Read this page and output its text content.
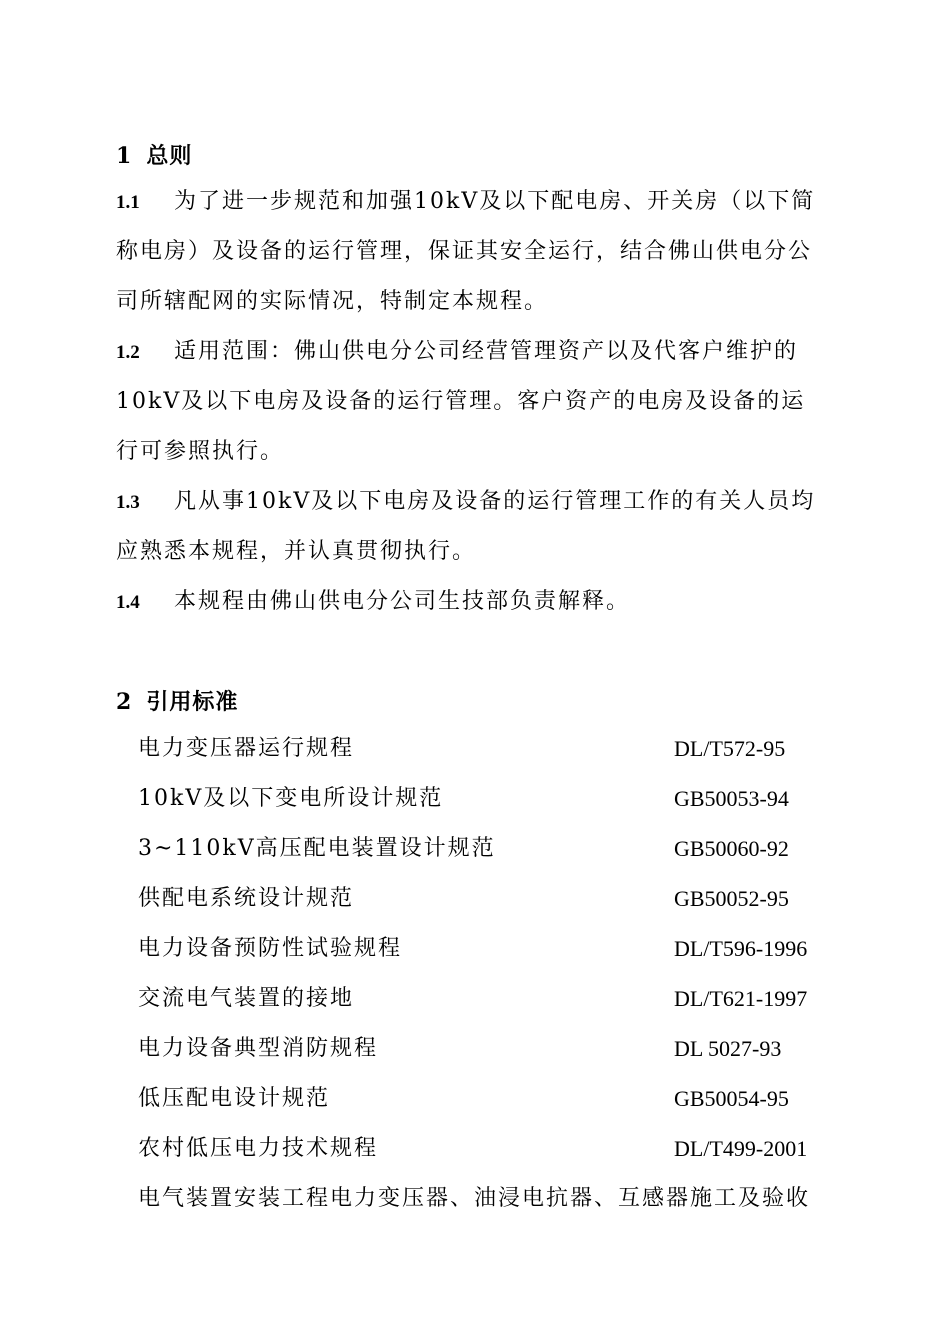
1 总则
1.1 为了进一步规范和加强10kV及以下配电房、开关房（以下简
称电房）及设备的运行管理，保证其安全运行，结合佛山供电分公
司所辖配网的实际情况，特制定本规程。
1.2 适用范围：佛山供电分公司经营管理资产以及代客户维护的
10kV及以下电房及设备的运行管理。客户资产的电房及设备的运
行可参照执行。
1.3 凡从事10kV及以下电房及设备的运行管理工作的有关人员均
应熟悉本规程，并认真贯彻执行。
1.4 本规程由佛山供电分公司生技部负责解释。
2 引用标准
电力变压器运行规程	DL/T572-95
10kV及以下变电所设计规范	GB50053-94
3~110kV高压配电装置设计规范	GB50060-92
供配电系统设计规范	GB50052-95
电力设备预防性试验规程	DL/T596-1996
交流电气装置的接地	DL/T621-1997
电力设备典型消防规程	DL 5027-93
低压配电设计规范	GB50054-95
农村低压电力技术规程	DL/T499-2001
电气装置安装工程电力变压器、油浸电抗器、互感器施工及验收
